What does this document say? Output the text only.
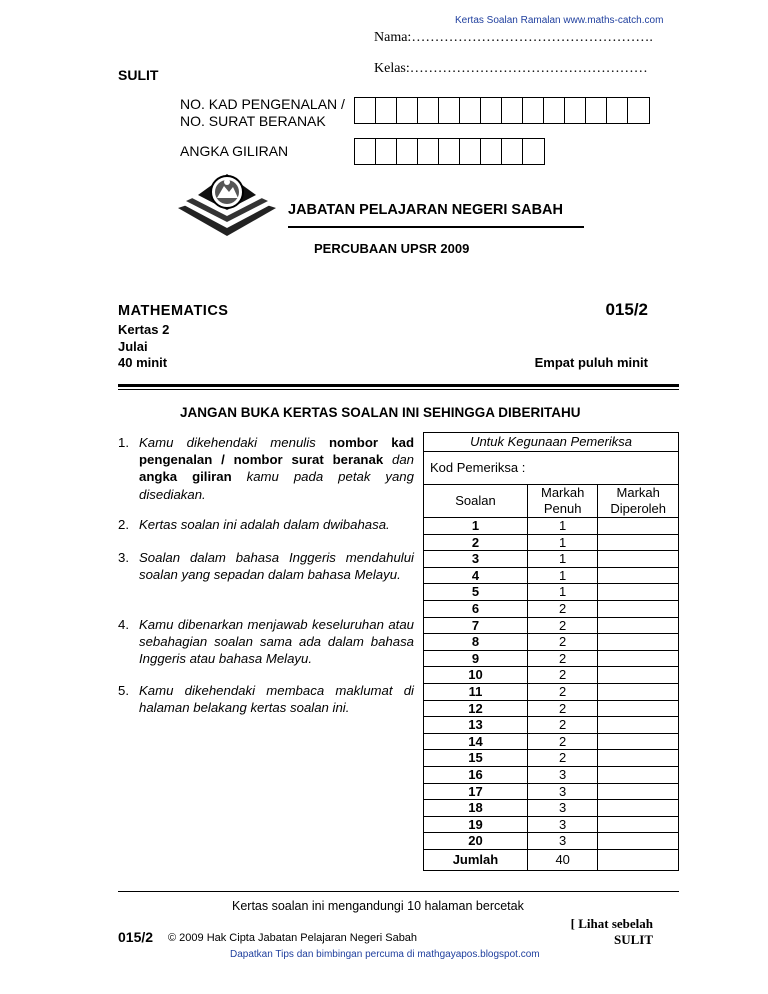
Kertas Soalan Ramalan www.maths-catch.com
Nama:…………………………………………….
Kelas:……………………………………………
SULIT
NO. KAD PENGENALAN /
NO. SURAT BERANAK
ANGKA GILIRAN
JABATAN PELAJARAN NEGERI SABAH
PERCUBAAN UPSR 2009
MATHEMATICS	015/2
Kertas 2
Julai
40 minit	Empat puluh minit
JANGAN BUKA KERTAS SOALAN INI SEHINGGA DIBERITAHU
1. Kamu dikehendaki menulis nombor kad pengenalan / nombor surat beranak dan angka giliran kamu pada petak yang disediakan.
2. Kertas soalan ini adalah dalam dwibahasa.
3. Soalan dalam bahasa Inggeris mendahului soalan yang sepadan dalam bahasa Melayu.
4. Kamu dibenarkan menjawab keseluruhan atau sebahagian soalan sama ada dalam bahasa Inggeris atau bahasa Melayu.
5. Kamu dikehendaki membaca maklumat di halaman belakang kertas soalan ini.
Untuk Kegunaan Pemeriksa		
Kod Pemeriksa :		
Soalan	Markah Penuh	Markah Diperoleh
1	1	
2	1	
3	1	
4	1	
5	1	
6	2	
7	2	
8	2	
9	2	
10	2	
11	2	
12	2	
13	2	
14	2	
15	2	
16	3	
17	3	
18	3	
19	3	
20	3	
Jumlah	40	
Kertas soalan ini mengandungi 10 halaman bercetak
[ Lihat sebelah
015/2 © 2009 Hak Cipta Jabatan Pelajaran Negeri Sabah	SULIT
Dapatkan Tips dan bimbingan percuma di mathgayapos.blogspot.com
